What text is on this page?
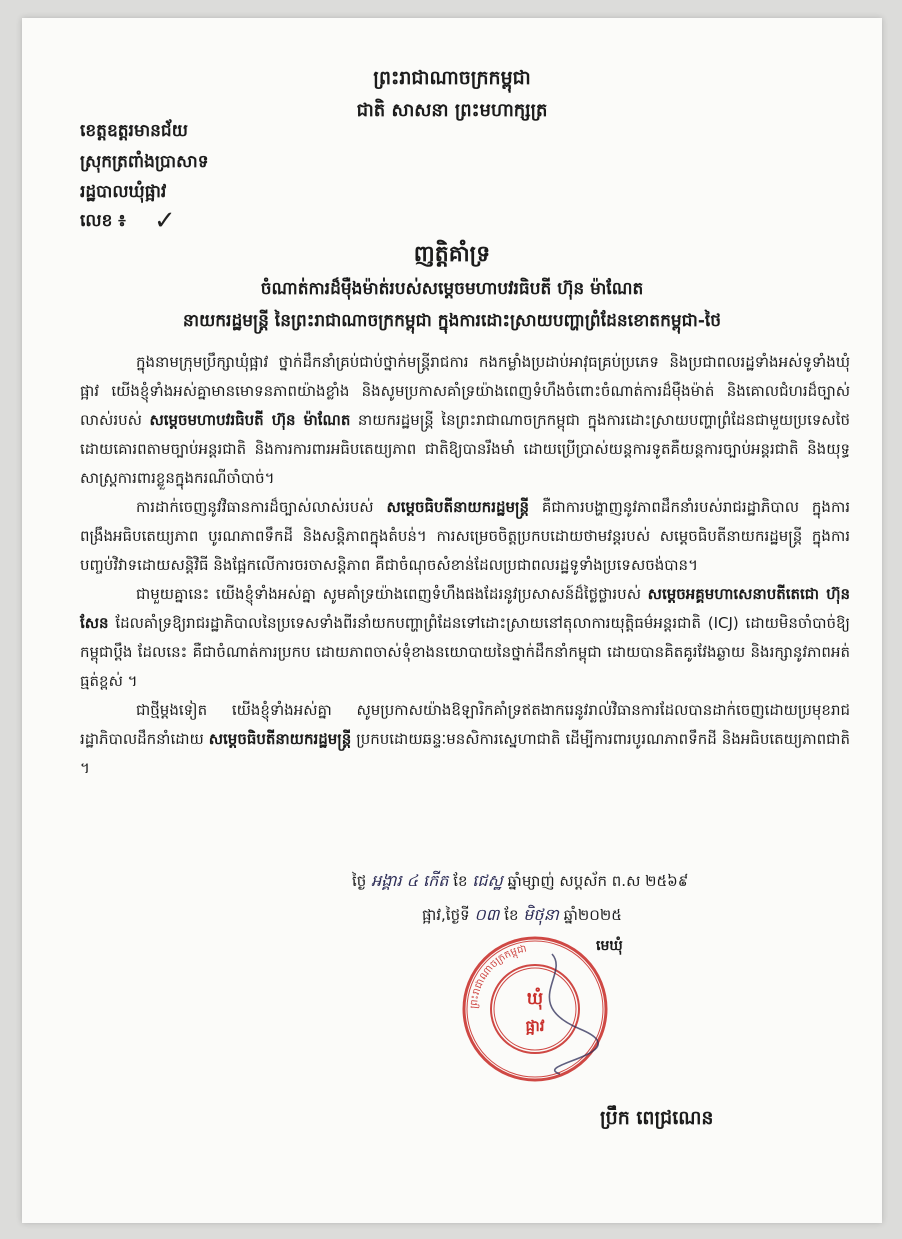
ព្រះរាជាណាចក្រកម្ពុជា
ជាតិ សាសនា ព្រះមហាក្សត្រ
ខេត្តឧត្តរមានជ័យ
ស្រុកត្រពាំងប្រាសាទ
រដ្ឋបាលឃុំផ្អាវ
លេខ ៖ ✓
ញត្តិគាំទ្រ
ចំណាត់ការដ៏មុឺងម៉ាត់របស់សម្តេចមហាបវរធិបតី ហ៊ុន ម៉ាណែត
នាយករដ្ឋមន្ត្រី នៃព្រះរាជាណាចក្រកម្ពុជា ក្នុងការដោះស្រាយបញ្ហាព្រំដែនខេាតកម្ពុជា-ថៃ

ក្នុងនាមក្រុមប្រឹក្សាឃុំផ្អាវ ថ្នាក់ដឹកនាំគ្រប់ជាប់ថ្នាក់មន្ត្រីរាជការ កងកម្លាំងប្រដាប់អាវុធគ្រប់ប្រភេទ និងប្រជាពលរដ្ឋទាំងអស់ទូទាំងឃុំផ្អាវ យើងខ្ញុំទាំងអស់គ្នាមានមោទនភាពយ៉ាងខ្លាំង និងសូមប្រកាសគាំទ្រយ៉ាងពេញទំហឹងចំពោះចំណាត់ការដ៏មុឺងម៉ាត់ និងគោលជំហរដ៏ច្បាស់លាស់របស់ សម្តេចមហាបវរធិបតី ហ៊ុន ម៉ាណែត នាយករដ្ឋមន្ត្រី នៃព្រះរាជាណាចក្រកម្ពុជា ក្នុងការដោះស្រាយបញ្ហាព្រំដែនជាមួយប្រទេសថៃ ដោយគោរពតាមច្បាប់អន្តរជាតិ និងការការពារអធិបតេយ្យភាព ជាតិឱ្យបានរឹងមាំ ដោយប្រើប្រាស់យន្តការទូតគឺយន្តការច្បាប់អន្តរជាតិ និងយុទ្ធសាស្ត្រការពារខ្លួនក្នុងករណីចាំបាច់។

ការដាក់ចេញនូវវិធានការដ៏ច្បាស់លាស់របស់ សម្តេចធិបតីនាយករដ្ឋមន្ត្រី គឺជាការបង្ហាញនូវភាពដឹកនាំរបស់រាជរដ្ឋាភិបាល ក្នុងការពង្រឹងអធិបតេយ្យភាព បូរណភាពទឹកដី និងសន្តិភាពក្នុងតំបន់។ ការសម្រេចចិត្តប្រកបដោយថាមវន្តរបស់ សម្តេចធិបតីនាយករដ្ឋមន្ត្រី ក្នុងការបញ្ចប់វិវាទដោយសន្តិវិធី និងផ្អែកលើការចរចាសន្តិភាព គឺជាចំណុចសំខាន់ដែលប្រជាពលរដ្ឋទូទាំងប្រទេសចង់បាន។

ជាមួយគ្នានេះ យើងខ្ញុំទាំងអស់គ្នា សូមគាំទ្រយ៉ាងពេញទំហឹងផងដែរនូវប្រសាសន៍ដ៏ថ្លៃថ្លារបស់ សម្តេចអគ្គមហាសេនាបតីតេជោ ហ៊ុន សែន ដែលគាំទ្រឱ្យរាជរដ្ឋាភិបាលនៃប្រទេសទាំងពីរនាំយកបញ្ហាព្រំដែនទៅដោះស្រាយនៅតុលាការយុត្តិធម៌អន្តរជាតិ (ICJ) ដោយមិនចាំបាច់ឱ្យកម្ពុជាប្ដឹង ដែលនេះ គឺជាចំណាត់ការប្រកប ដោយភាពចាស់ទុំខាងនយោបាយនៃថ្នាក់ដឹកនាំកម្ពុជា ដោយបានគិតគូរវែងឆ្ងាយ និងរក្សានូវភាពអត់ធ្មត់ខ្ពស់ ។

ជាថ្មីម្តងទៀត យើងខ្ញុំទាំងអស់គ្នា សូមប្រកាសយ៉ាងឱឡារិកគាំទ្រឥតងាករេនូវរាល់វិធានការដែលបានដាក់ចេញដោយប្រមុខរាជរដ្ឋាភិបាលដឹកនាំដោយ សម្តេចធិបតីនាយករដ្ឋមន្ត្រី ប្រកបដោយឆន្ទៈមនសិការស្នេហាជាតិ ដើម្បីការពារបូរណភាពទឹកដី និងអធិបតេយ្យភាពជាតិ ។

ថ្ងៃ អង្គារ ៤ កើត ខែ ជេស្ឋ ឆ្នាំម្សាញ់ សប្តស័ក ព.ស ២៥៦៩
ផ្អាវ,ថ្ងៃទី ០៣ ខែ មិថុនា ឆ្នាំ២០២៥
មេឃុំ
ព្រះរាជាណាចក្រកម្ពុជា
ឃុំ
ផ្អាវ
ប្រឹក ពេជ្រណេន
